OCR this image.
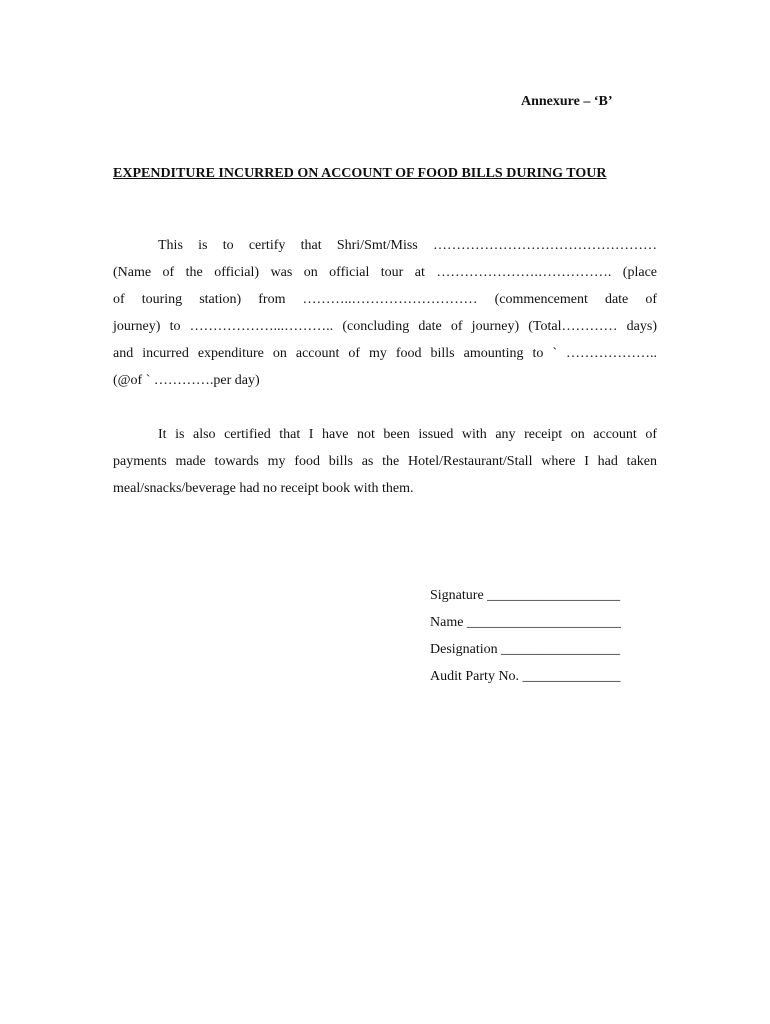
Annexure – ‘B’
EXPENDITURE INCURRED ON ACCOUNT OF FOOD BILLS DURING TOUR
This is to certify that Shri/Smt/Miss …………………………………………
(Name of the official) was on official tour at ………………….……………. (place
of touring station) from ………..……………………… (commencement date of
journey) to ………………...……….. (concluding date of journey) (Total………… days)
and incurred expenditure on account of my food bills amounting to ` ………………..
(@of ` ………….per day)
It is also certified that I have not been issued with any receipt on account of
payments made towards my food bills as the Hotel/Restaurant/Stall where I had taken
meal/snacks/beverage had no receipt book with them.
Signature ___________________
Name ______________________
Designation _________________
Audit Party No. ______________
